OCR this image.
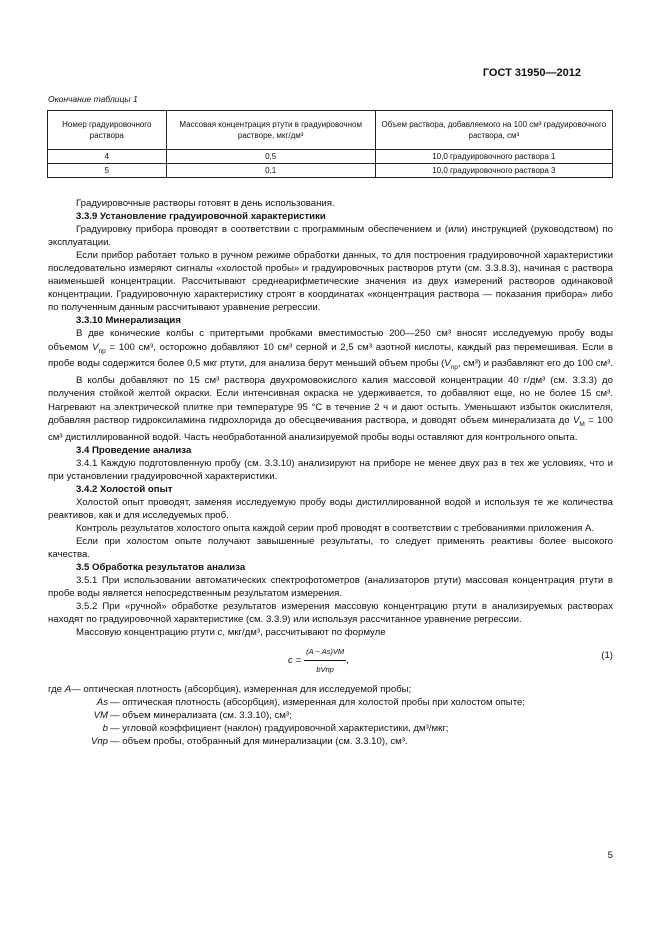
ГОСТ 31950—2012
Окончание таблицы 1
Номер градуировочного раствора	Массовая концентрация ртути в градуировочном растворе, мкг/дм³	Объем раствора, добавляемого на 100 см³ градуировочного раствора, см³
4	0,5	10,0 градуировочного раствора 1
5	0,1	10,0 градуировочного раствора 3

Градуировочные растворы готовят в день использования.

3.3.9 Установление градуировочной характеристики

Градуировку прибора проводят в соответствии с программным обеспечением и (или) инструкцией (руководством) по эксплуатации.

Если прибор работает только в ручном режиме обработки данных, то для построения градуировочной характеристики последовательно измеряют сигналы «холостой пробы» и градуировочных растворов ртути (см. 3.3.8.3), начиная с раствора наименьшей концентрации. Рассчитывают среднеарифметические значения из двух измерений растворов одинаковой концентрации. Градуировочную характеристику строят в координатах «концентрация раствора — показания прибора» либо по полученным данным рассчитывают уравнение регрессии.

3.3.10 Минерализация

В две конические колбы с притертыми пробками вместимостью 200—250 см³ вносят исследуемую пробу воды объемом $V_{пр} = 100$ см³, осторожно добавляют 10 см³ серной и 2,5 см³ азотной кислоты, каждый раз перемешивая. Если в пробе воды содержится более 0,5 мкг ртути, для анализа берут меньший объем пробы ($V_{пр}$, см³) и разбавляют его до 100 см³.

В колбы добавляют по 15 см³ раствора двухромовокислого калия массовой концентрации 40 г/дм³ (см. 3.3.3) до получения стойкой желтой окраски. Если интенсивная окраска не удерживается, то добавляют еще, но не более 15 см³. Нагревают на электрической плитке при температуре 95 °С в течение 2 ч и дают остыть. Уменьшают избыток окислителя, добавляя раствор гидроксиламина гидрохлорида до обесцвечивания раствора, и доводят объем минерализата до $V_М = 100$ см³ дистиллированной водой. Часть необработанной анализируемой пробы воды оставляют для контрольного опыта.

3.4 Проведение анализа

3.4.1 Каждую подготовленную пробу (см. 3.3.10) анализируют на приборе не менее двух раз в тех же условиях, что и при установлении градуировочной характеристики.

3.4.2 Холостой опыт

Холостой опыт проводят, заменяя исследуемую пробу воды дистиллированной водой и используя те же количества реактивов, как и для исследуемых проб.

Контроль результатов холостого опыта каждой серии проб проводят в соответствии с требованиями приложения А.

Если при холостом опыте получают завышенные результаты, то следует применять реактивы более высокого качества.

3.5 Обработка результатов анализа

3.5.1 При использовании автоматических спектрофотометров (анализаторов ртути) массовая концентрация ртути в пробе воды является непосредственным результатом измерения.

3.5.2 При «ручной» обработке результатов измерения массовую концентрацию ртути в анализируемых растворах находят по градуировочной характеристике (см. 3.3.9) или используя рассчитанное уравнение регрессии.

Массовую концентрацию ртути c, мкг/дм³, рассчитывают по формуле

$c = \frac{(A - As)VМ}{\text{bVпр}}$ ,	(1)
где
A — оптическая плотность (абсорбция), измеренная для исследуемой пробы;
As — оптическая плотность (абсорбция), измеренная для холостой пробы при холостом опыте;
VМ — объем минерализата (см. 3.3.10), см³;
b — угловой коэффициент (наклон) градуировочной характеристики, дм³/мкг;
Vпр — объем пробы, отобранный для минерализации (см. 3.3.10), см³.
5
